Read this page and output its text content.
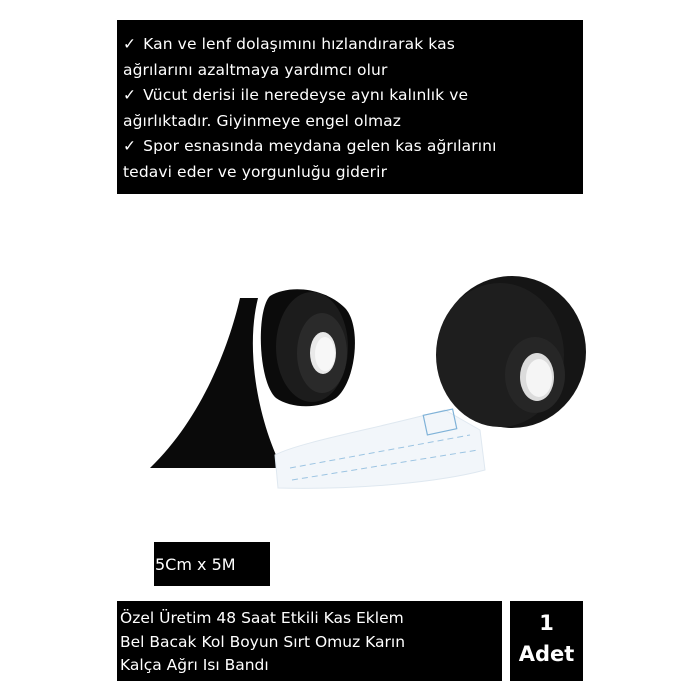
✓ Kan ve lenf dolaşımını hızlandırarak kas
ağrılarını azaltmaya yardımcı olur
✓ Vücut derisi ile neredeyse aynı kalınlık ve
ağırlıktadır. Giyinmeye engel olmaz
✓ Spor esnasında meydana gelen kas ağrılarını
tedavi eder ve yorgunluğu giderir
5Cm x 5M
Özel Üretim 48 Saat Etkili Kas Eklem
Bel Bacak Kol Boyun Sırt Omuz Karın
Kalça Ağrı Isı Bandı
1
Adet
